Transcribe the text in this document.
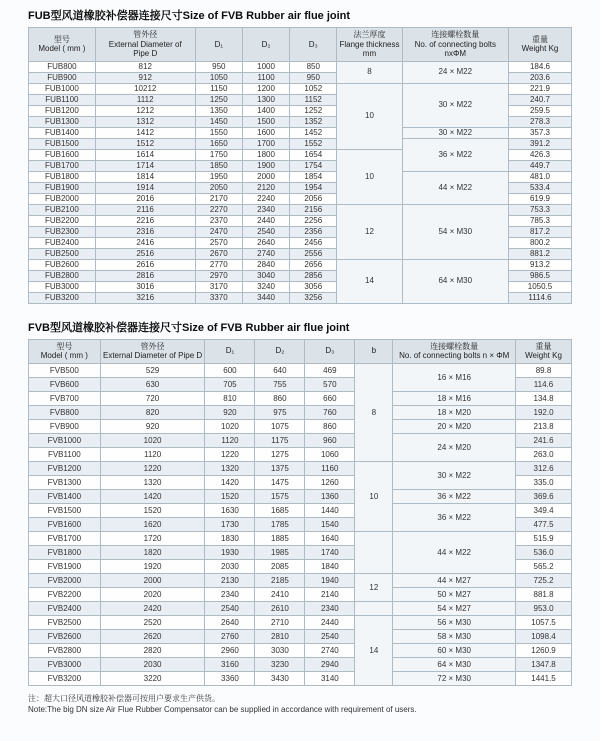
FUB型风道橡胶补偿器连接尺寸Size of FVB Rubber air flue joint
型号
Model ( mm )

管外径
External Diameter of
Pipe D

D₁	D₂	D₃

法兰厚度
Flange thickness
mm

连接螺栓数量
No. of connecting bolts
nxΦM

重量
Weight Kg

FUB800	812	950	1000	850	8	24 × M22	184.6
FUB900	912	1050	1100	950			203.6
FUB1000	10212	1150	1200	1052	10	30 × M22	221.9
FUB1100	1112	1250	1300	1152			240.7
FUB1200	1212	1350	1400	1252			259.5
FUB1300	1312	1450	1500	1352			278.3
FUB1400	1412	1550	1600	1452		30 × M22	357.3
FUB1500	1512	1650	1700	1552		36 × M22	391.2
FUB1600	1614	1750	1800	1654	10		426.3
FUB1700	1714	1850	1900	1754			449.7
FUB1800	1814	1950	2000	1854		44 × M22	481.0
FUB1900	1914	2050	2120	1954			533.4
FUB2000	2016	2170	2240	2056			619.9
FUB2100	2116	2270	2340	2156	12	54 × M30	753.3
FUB2200	2216	2370	2440	2256			785.3
FUB2300	2316	2470	2540	2356			817.2
FUB2400	2416	2570	2640	2456			800.2
FUB2500	2516	2670	2740	2556			881.2
FUB2600	2616	2770	2840	2656	14	64 × M30	913.2
FUB2800	2816	2970	3040	2856			986.5
FUB3000	3016	3170	3240	3056			1050.5
FUB3200	3216	3370	3440	3256			1114.6
FVB型风道橡胶补偿器连接尺寸Size of FVB Rubber air flue joint
型号
Model ( mm )

管外径
External Diameter of Pipe D

D₁	D₂	D₃	b

连接螺栓数量
No. of connecting bolts n × ΦM

重量
Weight Kg

FVB500	529	600	640	469	8	16 × M16	89.8
FVB600	630	705	755	570			114.6
FVB700	720	810	860	660		18 × M16	134.8
FVB800	820	920	975	760		18 × M20	192.0
FVB900	920	1020	1075	860		20 × M20	213.8
FVB1000	1020	1120	1175	960		24 × M20	241.6
FVB1100	1120	1220	1275	1060			263.0
FVB1200	1220	1320	1375	1160	10	30 × M22	312.6
FVB1300	1320	1420	1475	1260			335.0
FVB1400	1420	1520	1575	1360		36 × M22	369.6
FVB1500	1520	1630	1685	1440		36 × M22	349.4
FVB1600	1620	1730	1785	1540			477.5
FVB1700	1720	1830	1885	1640		44 × M22	515.9
FVB1800	1820	1930	1985	1740			536.0
FVB1900	1920	2030	2085	1840			565.2
FVB2000	2000	2130	2185	1940	12	44 × M27	725.2
FVB2200	2020	2340	2410	2140		50 × M27	881.8
FVB2400	2420	2540	2610	2340		54 × M27	953.0
FVB2500	2520	2640	2710	2440	14	56 × M30	1057.5
FVB2600	2620	2760	2810	2540		58 × M30	1098.4
FVB2800	2820	2960	3030	2740		60 × M30	1260.9
FVB3000	2030	3160	3230	2940		64 × M30	1347.8
FVB3200	3220	3360	3430	3140		72 × M30	1441.5
注：超大口径风道橡胶补偿器可按用户要求生产供货。
Note:The big DN size Air Flue Rubber Compensator can be supplied in accordance with requirement of users.
